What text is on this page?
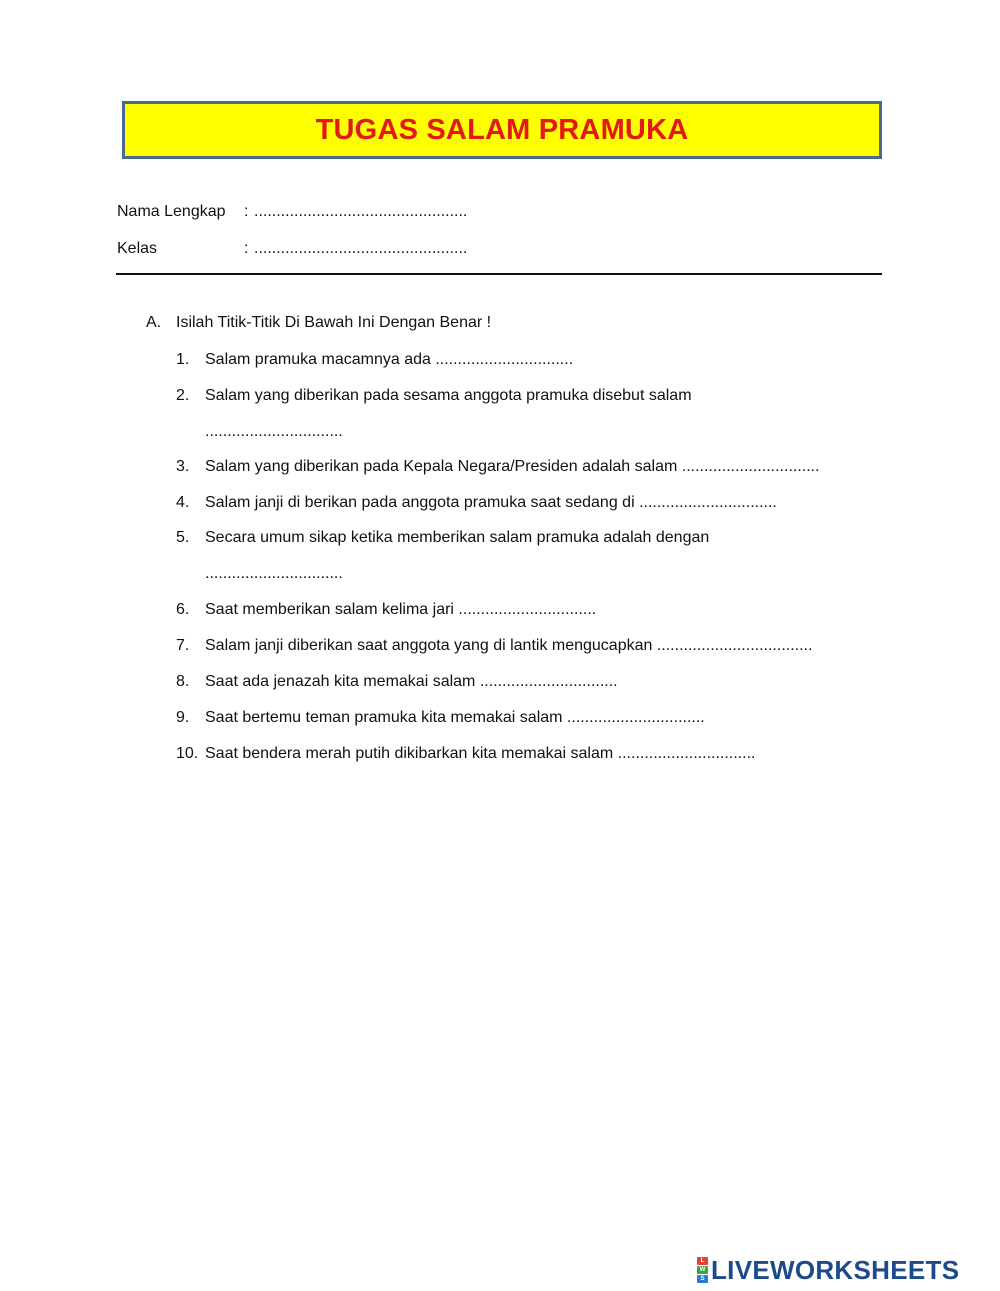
TUGAS SALAM PRAMUKA
Nama Lengkap : ................................................
Kelas	: ................................................
A. Isilah Titik-Titik Di Bawah Ini Dengan Benar !
1. Salam pramuka macamnya ada ...............................
2. Salam yang diberikan pada sesama anggota pramuka disebut salam
...............................
3. Salam yang diberikan pada Kepala Negara/Presiden adalah salam ...............................
4. Salam janji di berikan pada anggota pramuka saat sedang di ...............................
5. Secara umum sikap ketika memberikan salam pramuka adalah dengan
...............................
6. Saat memberikan salam kelima jari ...............................
7. Salam janji diberikan saat anggota yang di lantik mengucapkan ...................................
8. Saat ada jenazah kita memakai salam ...............................
9. Saat bertemu teman pramuka kita memakai salam ...............................
10. Saat bendera merah putih dikibarkan kita memakai salam ...............................
L
W
S LIVEWORKSHEETS
